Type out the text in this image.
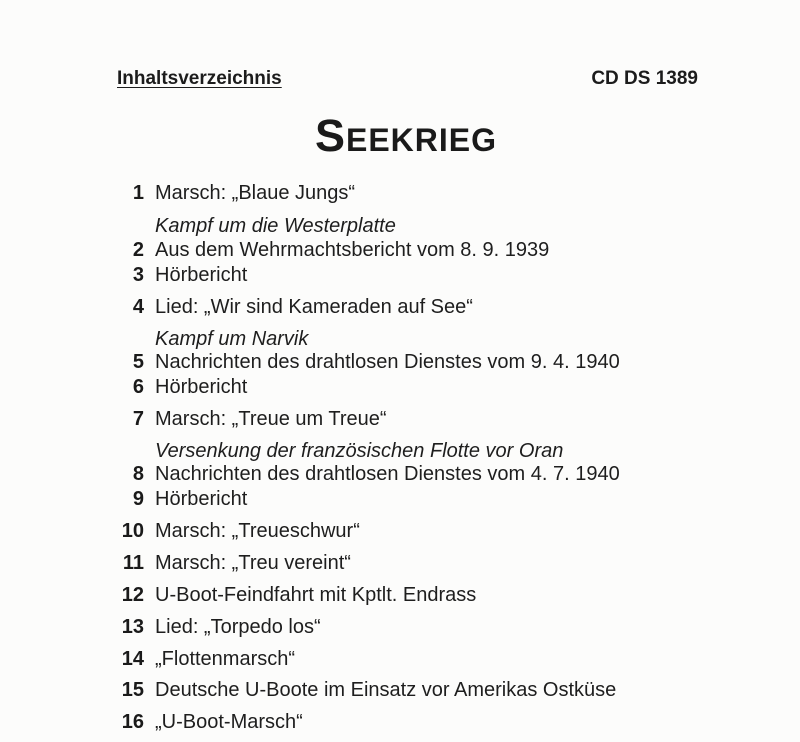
Inhaltsverzeichnis	CD DS 1389
Seekrieg
1 Marsch: „Blaue Jungs“
Kampf um die Westerplatte
2 Aus dem Wehrmachtsbericht vom 8. 9. 1939
3 Hörbericht
4 Lied: „Wir sind Kameraden auf See“
Kampf um Narvik
5 Nachrichten des drahtlosen Dienstes vom 9. 4. 1940
6 Hörbericht
7 Marsch: „Treue um Treue“
Versenkung der französischen Flotte vor Oran
8 Nachrichten des drahtlosen Dienstes vom 4. 7. 1940
9 Hörbericht
10 Marsch: „Treueschwur“
11 Marsch: „Treu vereint“
12 U-Boot-Feindfahrt mit Kptlt. Endrass
13 Lied: „Torpedo los“
14 „Flottenmarsch“
15 Deutsche U-Boote im Einsatz vor Amerikas Ostküse
16 „U-Boot-Marsch“
